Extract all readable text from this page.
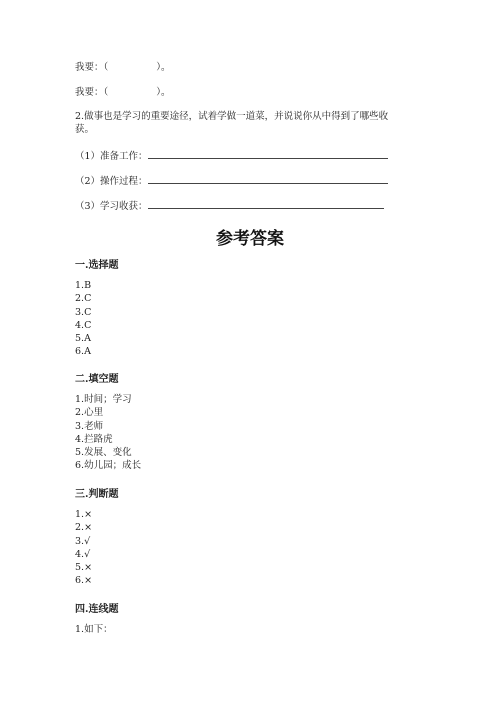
我要：（	）。
我要：（	）。
2.做事也是学习的重要途径，试着学做一道菜，并说说你从中得到了哪些收
获。
（1）准备工作：
（2）操作过程：
（3）学习收获：
参考答案
一.选择题
1.B
2.C
3.C
4.C
5.A
6.A
二.填空题
1.时间；学习
2.心里
3.老师
4.拦路虎
5.发展、变化
6.幼儿园；成长
三.判断题
1.×
2.×
3.√
4.√
5.×
6.×
四.连线题
1.如下：
